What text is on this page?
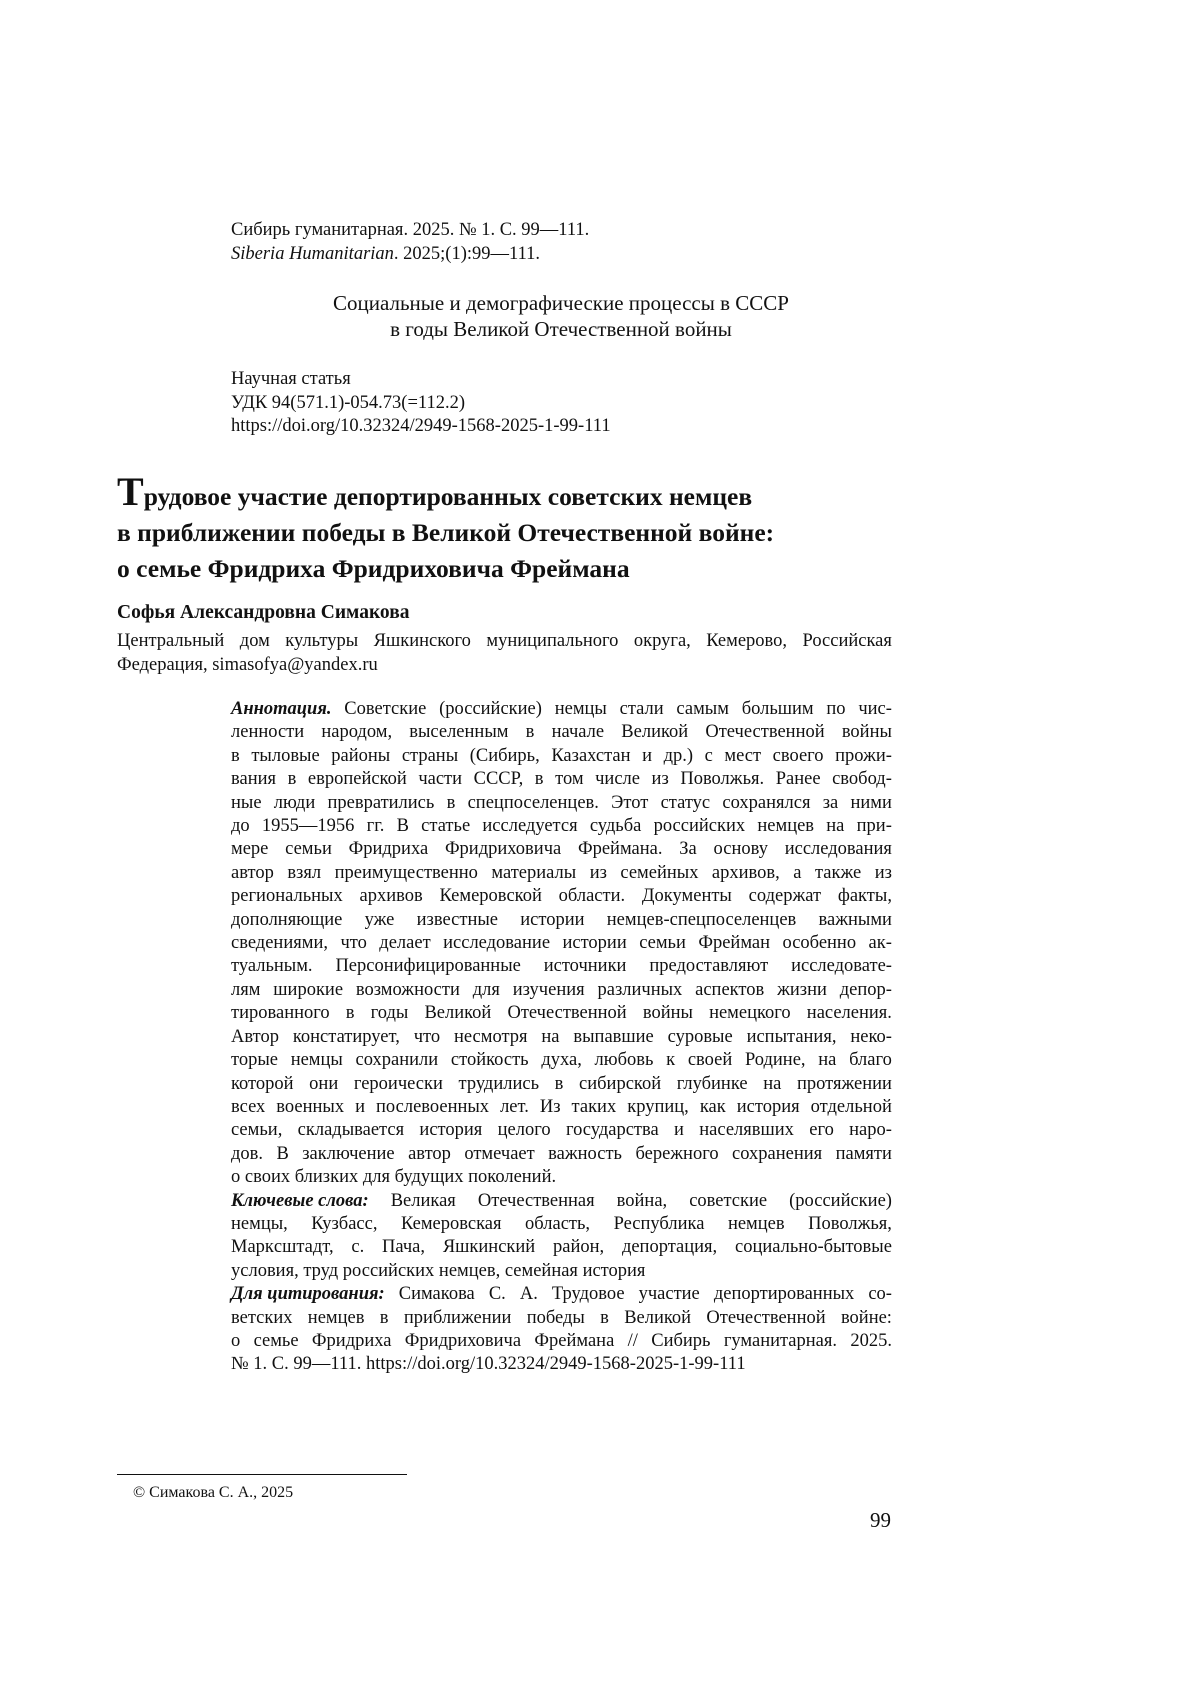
Сибирь гуманитарная. 2025. № 1. С. 99—111.
Siberia Humanitarian. 2025;(1):99—111.
Социальные и демографические процессы в СССР
в годы Великой Отечественной войны
Научная статья
УДК 94(571.1)-054.73(=112.2)
https://doi.org/10.32324/2949-1568-2025-1-99-111
Трудовое участие депортированных советских немцев
в приближении победы в Великой Отечественной войне:
о семье Фридриха Фридриховича Фреймана
Софья Александровна Симакова
Центральный дом культуры Яшкинского муниципального округа, Кемерово, Российская
Федерация, simasofya@yandex.ru
Аннотация. Советские (российские) немцы стали самым большим по чис-
ленности народом, выселенным в начале Великой Отечественной войны
в тыловые районы страны (Сибирь, Казахстан и др.) с мест своего прожи-
вания в европейской части СССР, в том числе из Поволжья. Ранее свобод-
ные люди превратились в спецпоселенцев. Этот статус сохранялся за ними
до 1955—1956 гг. В статье исследуется судьба российских немцев на при-
мере семьи Фридриха Фридриховича Фреймана. За основу исследования
автор взял преимущественно материалы из семейных архивов, а также из
региональных архивов Кемеровской области. Документы содержат факты,
дополняющие уже известные истории немцев-спецпоселенцев важными
сведениями, что делает исследование истории семьи Фрейман особенно ак-
туальным. Персонифицированные источники предоставляют исследовате-
лям широкие возможности для изучения различных аспектов жизни депор-
тированного в годы Великой Отечественной войны немецкого населения.
Автор констатирует, что несмотря на выпавшие суровые испытания, неко-
торые немцы сохранили стойкость духа, любовь к своей Родине, на благо
которой они героически трудились в сибирской глубинке на протяжении
всех военных и послевоенных лет. Из таких крупиц, как история отдельной
семьи, складывается история целого государства и населявших его наро-
дов. В заключение автор отмечает важность бережного сохранения памяти
о своих близких для будущих поколений.
Ключевые слова: Великая Отечественная война, советские (российские)
немцы, Кузбасс, Кемеровская область, Республика немцев Поволжья,
Маркcштадт, с. Пача, Яшкинский район, депортация, социально-бытовые
условия, труд российских немцев, семейная история
Для цитирования: Симакова С. А. Трудовое участие депортированных со-
ветских немцев в приближении победы в Великой Отечественной войне:
о семье Фридриха Фридриховича Фреймана // Сибирь гуманитарная. 2025.
№ 1. С. 99—111. https://doi.org/10.32324/2949-1568-2025-1-99-111
© Симакова С. А., 2025
99
